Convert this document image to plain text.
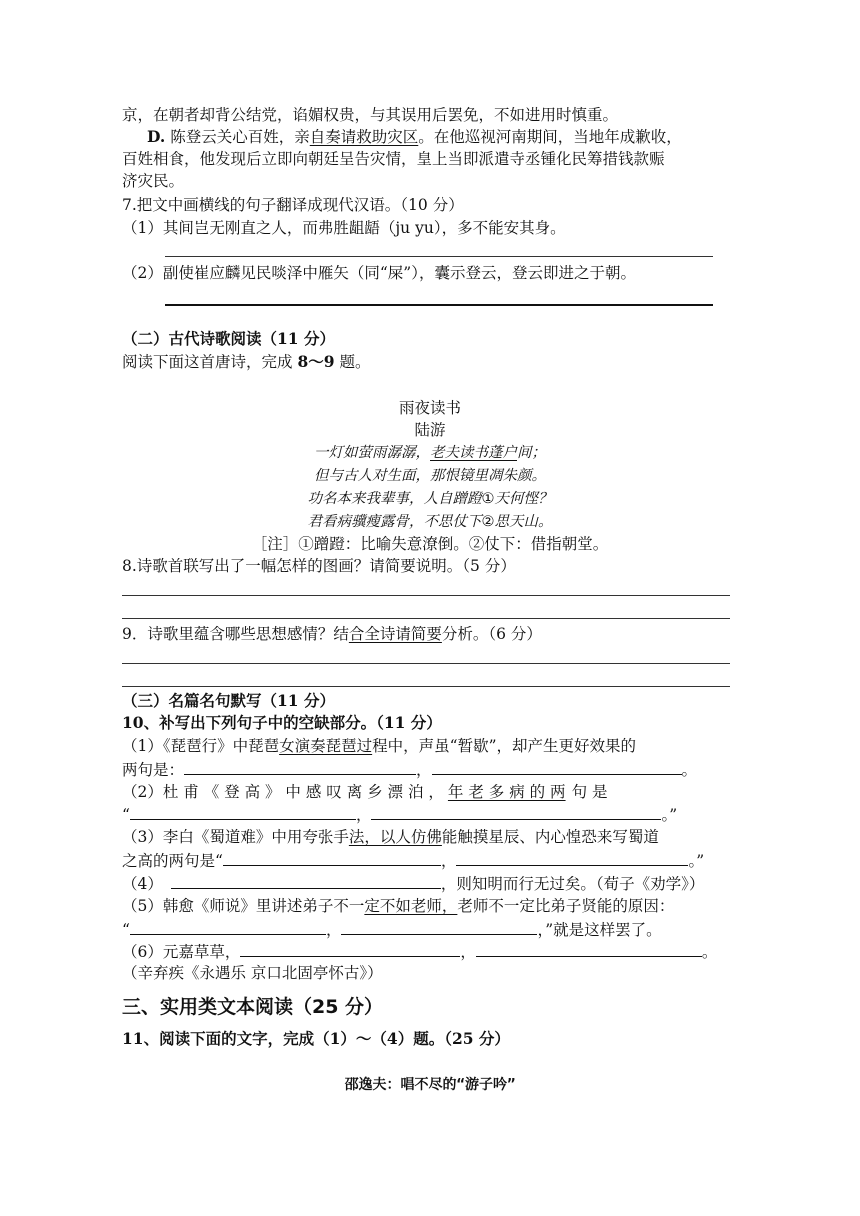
京，在朝者却背公结党，谄媚权贵，与其误用后罢免，不如进用时慎重。
D. 陈登云关心百姓，亲自奏请救助灾区。在他巡视河南期间，当地年成歉收，
百姓相食，他发现后立即向朝廷呈告灾情，皇上当即派遣寺丞锺化民筹措钱款赈
济灾民。
7.把文中画横线的句子翻译成现代汉语。（10 分）
（1）其间岂无刚直之人，而弗胜龃龉（ju yu），多不能安其身。
（2）副使崔应麟见民啖泽中雁矢（同“屎”），囊示登云，登云即进之于朝。
（二）古代诗歌阅读（11 分）
阅读下面这首唐诗，完成 8～9 题。
雨夜读书
陆游
一灯如萤雨潺潺，老夫读书蓬户间；
但与古人对生面，那恨镜里凋朱颜。
功名本来我辈事，人自蹭蹬①天何悭？
君看病骥瘦露骨，不思仗下②思天山。
［注］①蹭蹬：比喻失意潦倒。②仗下：借指朝堂。
8.诗歌首联写出了一幅怎样的图画？请简要说明。（5 分）
9．诗歌里蕴含哪些思想感情？结合全诗请简要分析。（6 分）
（三）名篇名句默写（11 分）
10、补写出下列句子中的空缺部分。（11 分）
（1）《琵琶行》中琵琶女演奏琵琶过程中，声虽“暂歇”，却产生更好效果的
两句是：	，	。
（2）杜 甫 《 登 高 》 中 感 叹 离 乡 漂 泊 ， 年 老 多 病 的 两 句 是
“	，	。”
（3）李白《蜀道难》中用夸张手法，以人仿佛能触摸星辰、内心惶恐来写蜀道
之高的两句是“	，	。”
（4）	，则知明而行无过矣。（荀子《劝学》）
（5）韩愈《师说》里讲述弟子不一定不如老师，老师不一定比弟子贤能的原因：
“	，	，”就是这样罢了。
（6）元嘉草草，	，	。
（辛弃疾《永遇乐 京口北固亭怀古》）
三、实用类文本阅读（25 分）
11、阅读下面的文字，完成（1）～（4）题。（25 分）
邵逸夫：唱不尽的“游子吟”
